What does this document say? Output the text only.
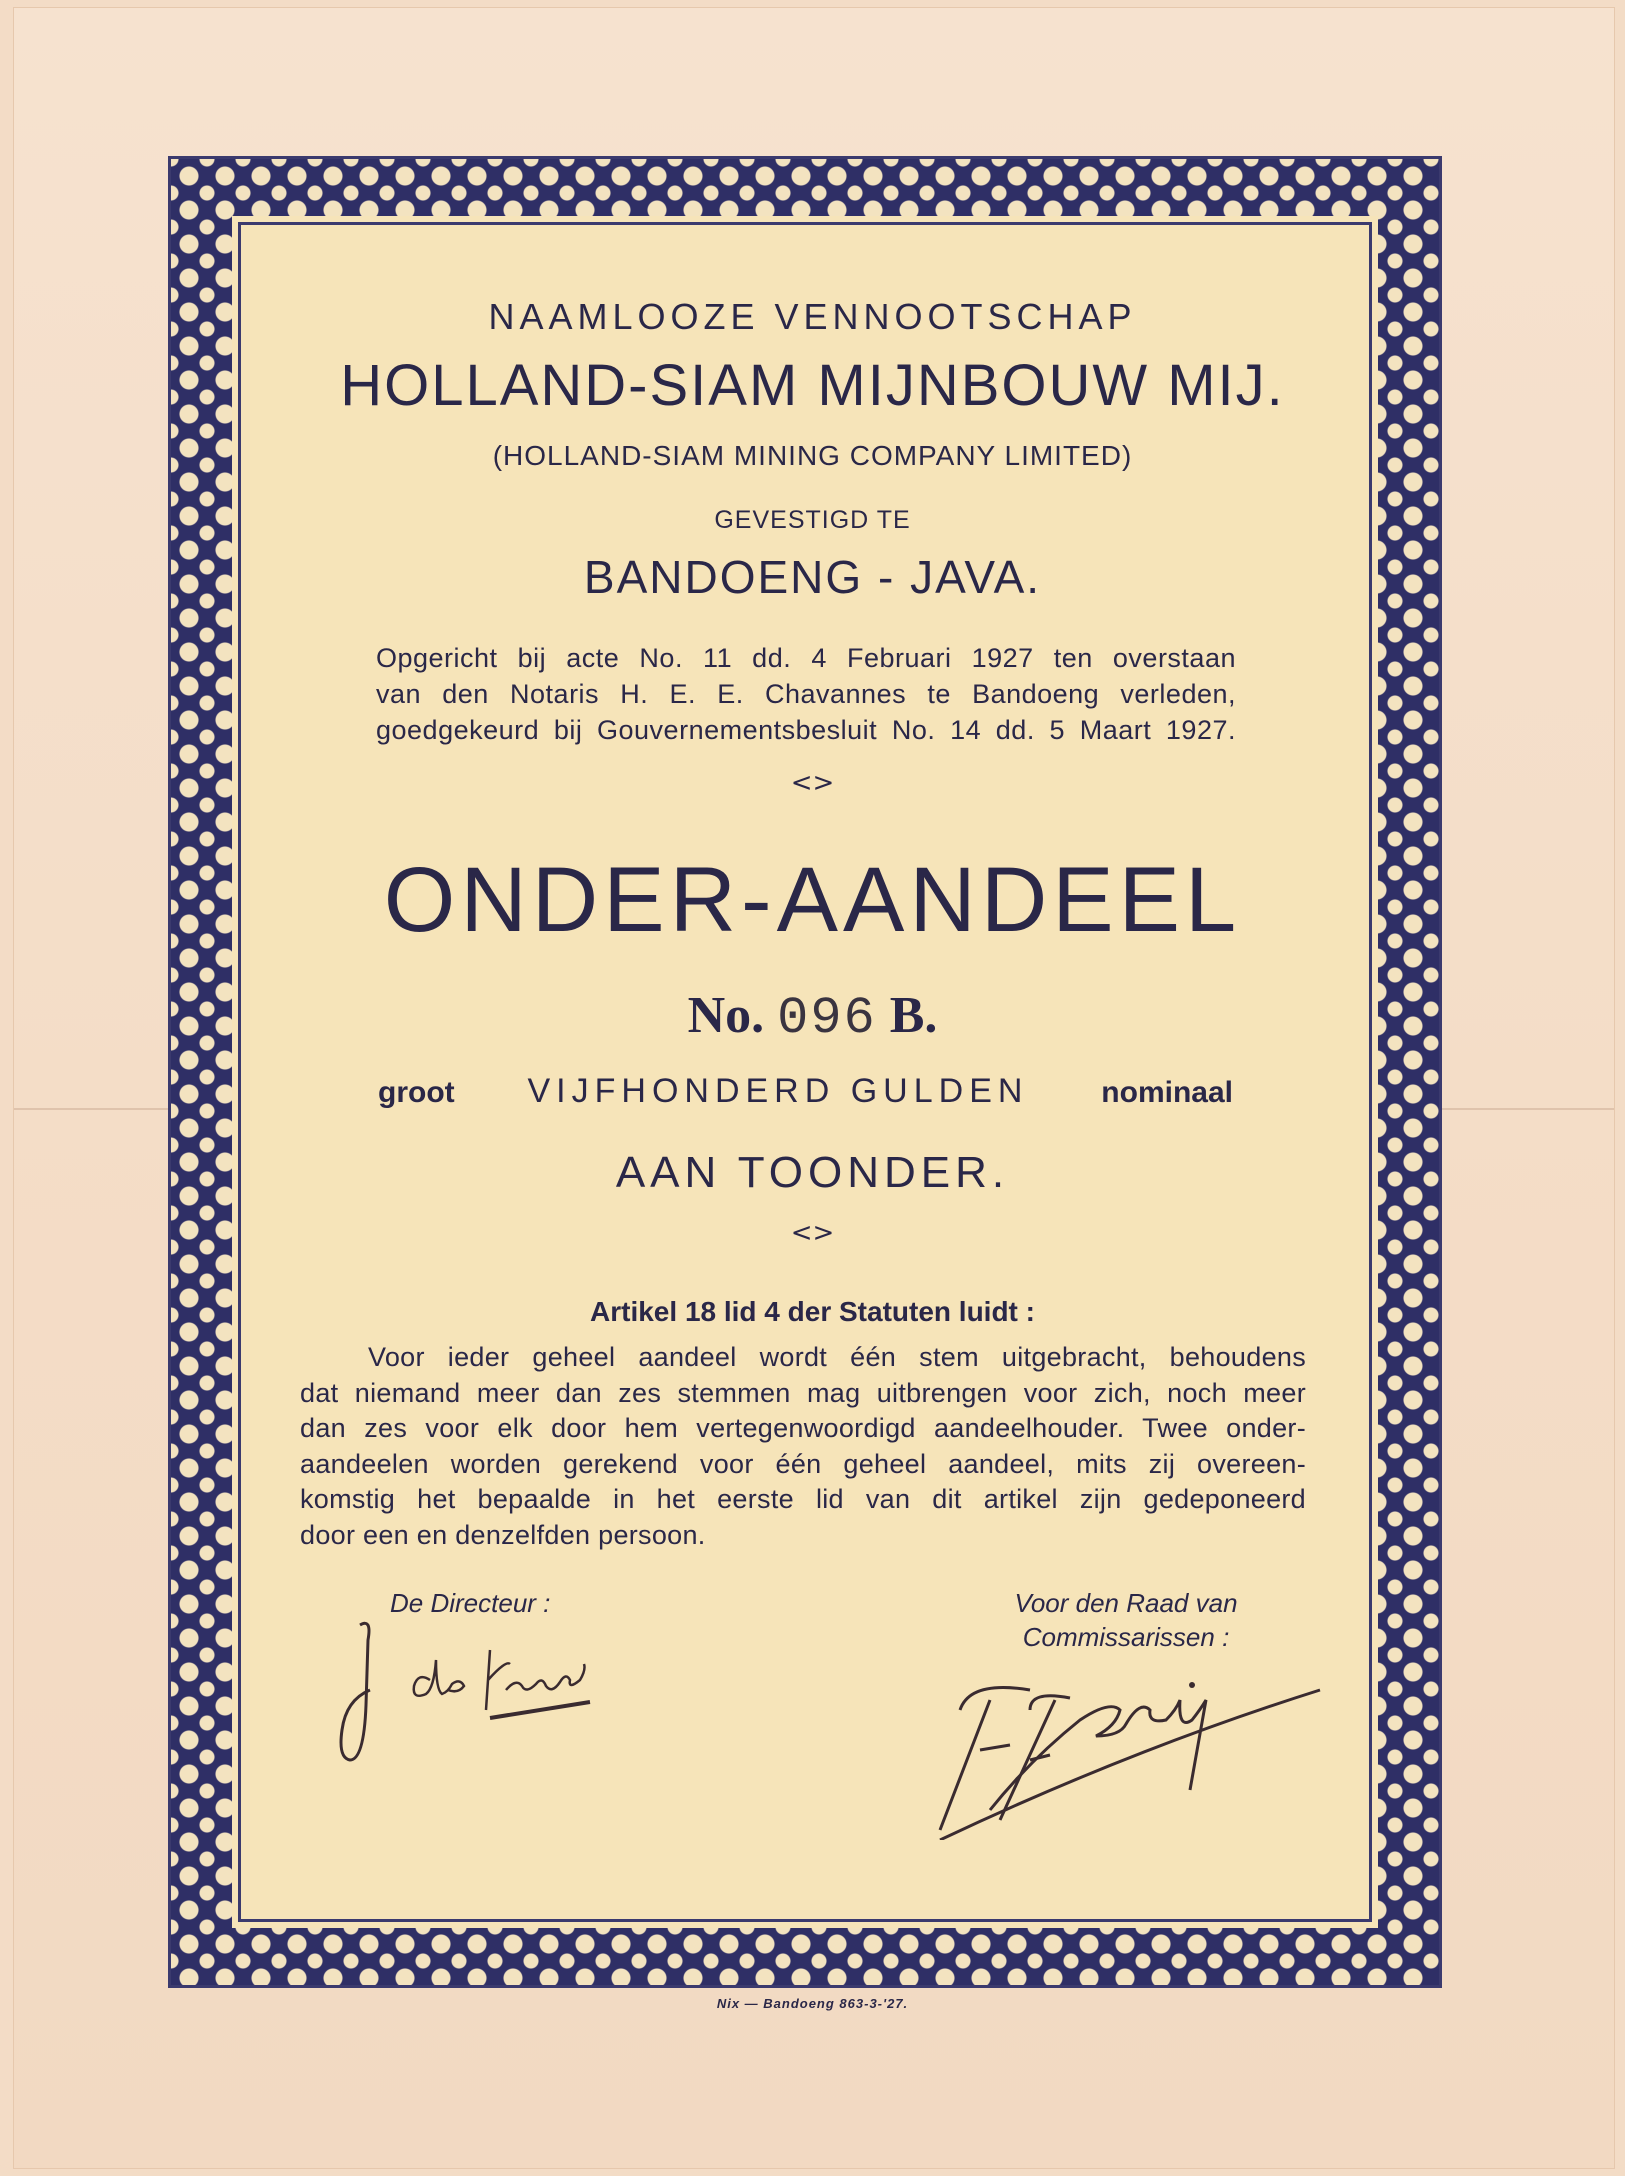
NAAMLOOZE VENNOOTSCHAP
HOLLAND-SIAM MIJNBOUW MIJ.
(HOLLAND-SIAM MINING COMPANY LIMITED)
GEVESTIGD TE
BANDOENG - JAVA.
Opgericht bij acte No. 11 dd. 4 Februari 1927 ten overstaan
van den Notaris H. E. E. Chavannes te Bandoeng verleden,
goedgekeurd bij Gouvernementsbesluit No. 14 dd. 5 Maart 1927.
<>
ONDER-AANDEEL
No. 096 B.
groot VIJFHONDERD GULDEN nominaal
AAN TOONDER.
<>
Artikel 18 lid 4 der Statuten luidt :
Voor ieder geheel aandeel wordt één stem uitgebracht, behoudens
dat niemand meer dan zes stemmen mag uitbrengen voor zich, noch meer
dan zes voor elk door hem vertegenwoordigd aandeelhouder. Twee onder-
aandeelen worden gerekend voor één geheel aandeel, mits zij overeen-
komstig het bepaalde in het eerste lid van dit artikel zijn gedeponeerd
door een en denzelfden persoon.
De Directeur :	Voor den Raad van
Commissarissen :
Nix — Bandoeng 863-3-'27.
